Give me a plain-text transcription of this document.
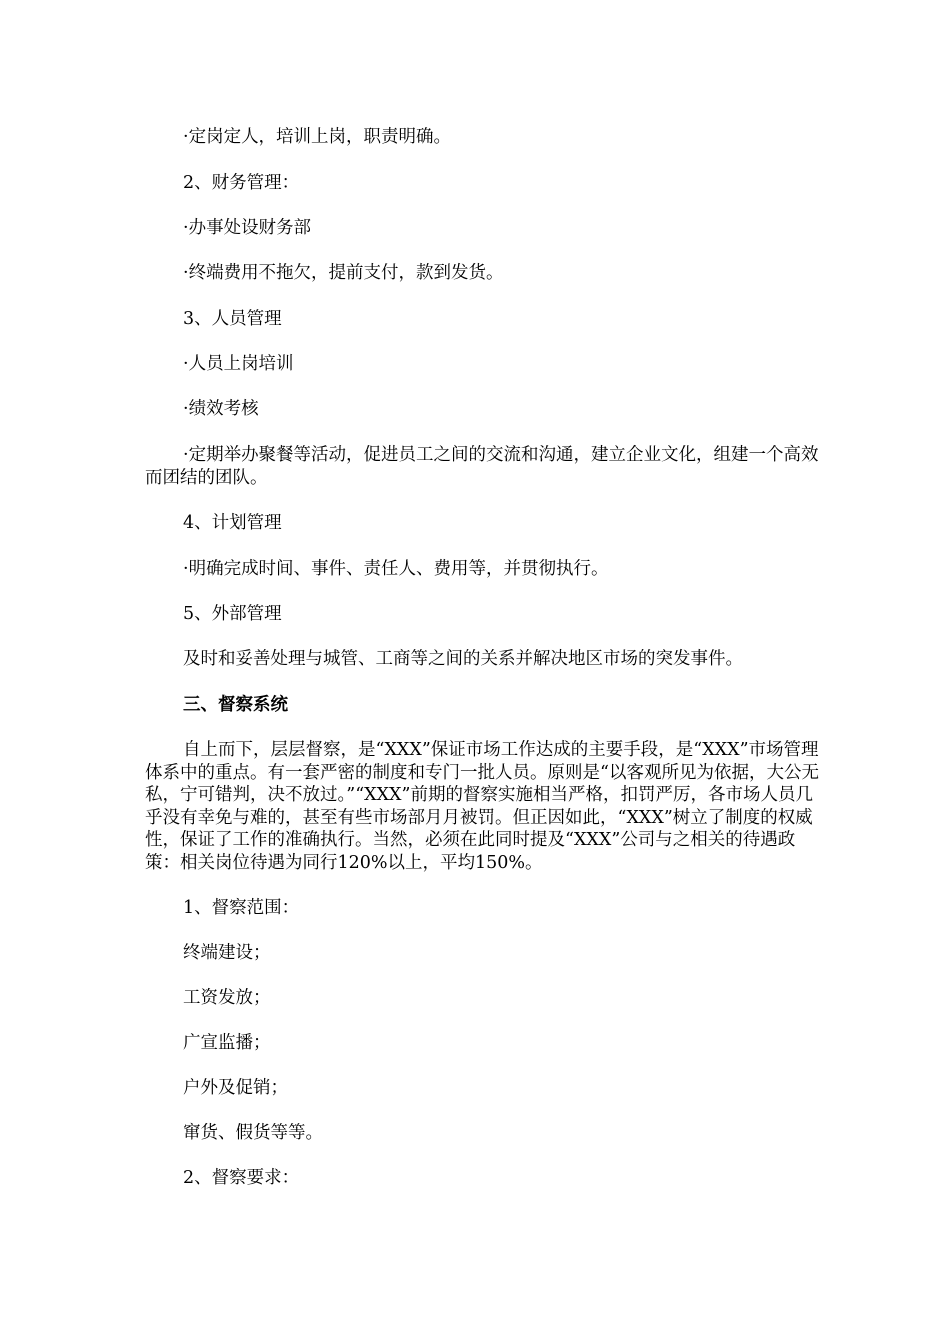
·定岗定人，培训上岗，职责明确。

2、财务管理：

·办事处设财务部

·终端费用不拖欠，提前支付，款到发货。

3、人员管理

·人员上岗培训

·绩效考核

·定期举办聚餐等活动，促进员工之间的交流和沟通，建立企业文化，组建一个高效而团结的团队。

4、计划管理

·明确完成时间、事件、责任人、费用等，并贯彻执行。

5、外部管理

及时和妥善处理与城管、工商等之间的关系并解决地区市场的突发事件。

三、督察系统

自上而下，层层督察，是“XXX”保证市场工作达成的主要手段，是“XXX”市场管理体系中的重点。有一套严密的制度和专门一批人员。原则是“以客观所见为依据，大公无私，宁可错判，决不放过。”“XXX”前期的督察实施相当严格，扣罚严厉，各市场人员几乎没有幸免与难的，甚至有些市场部月月被罚。但正因如此，“XXX”树立了制度的权威性，保证了工作的准确执行。当然，必须在此同时提及“XXX”公司与之相关的待遇政策：相关岗位待遇为同行120%以上，平均150%。

1、督察范围：

终端建设；

工资发放；

广宣监播；

户外及促销；

窜货、假货等等。

2、督察要求：
